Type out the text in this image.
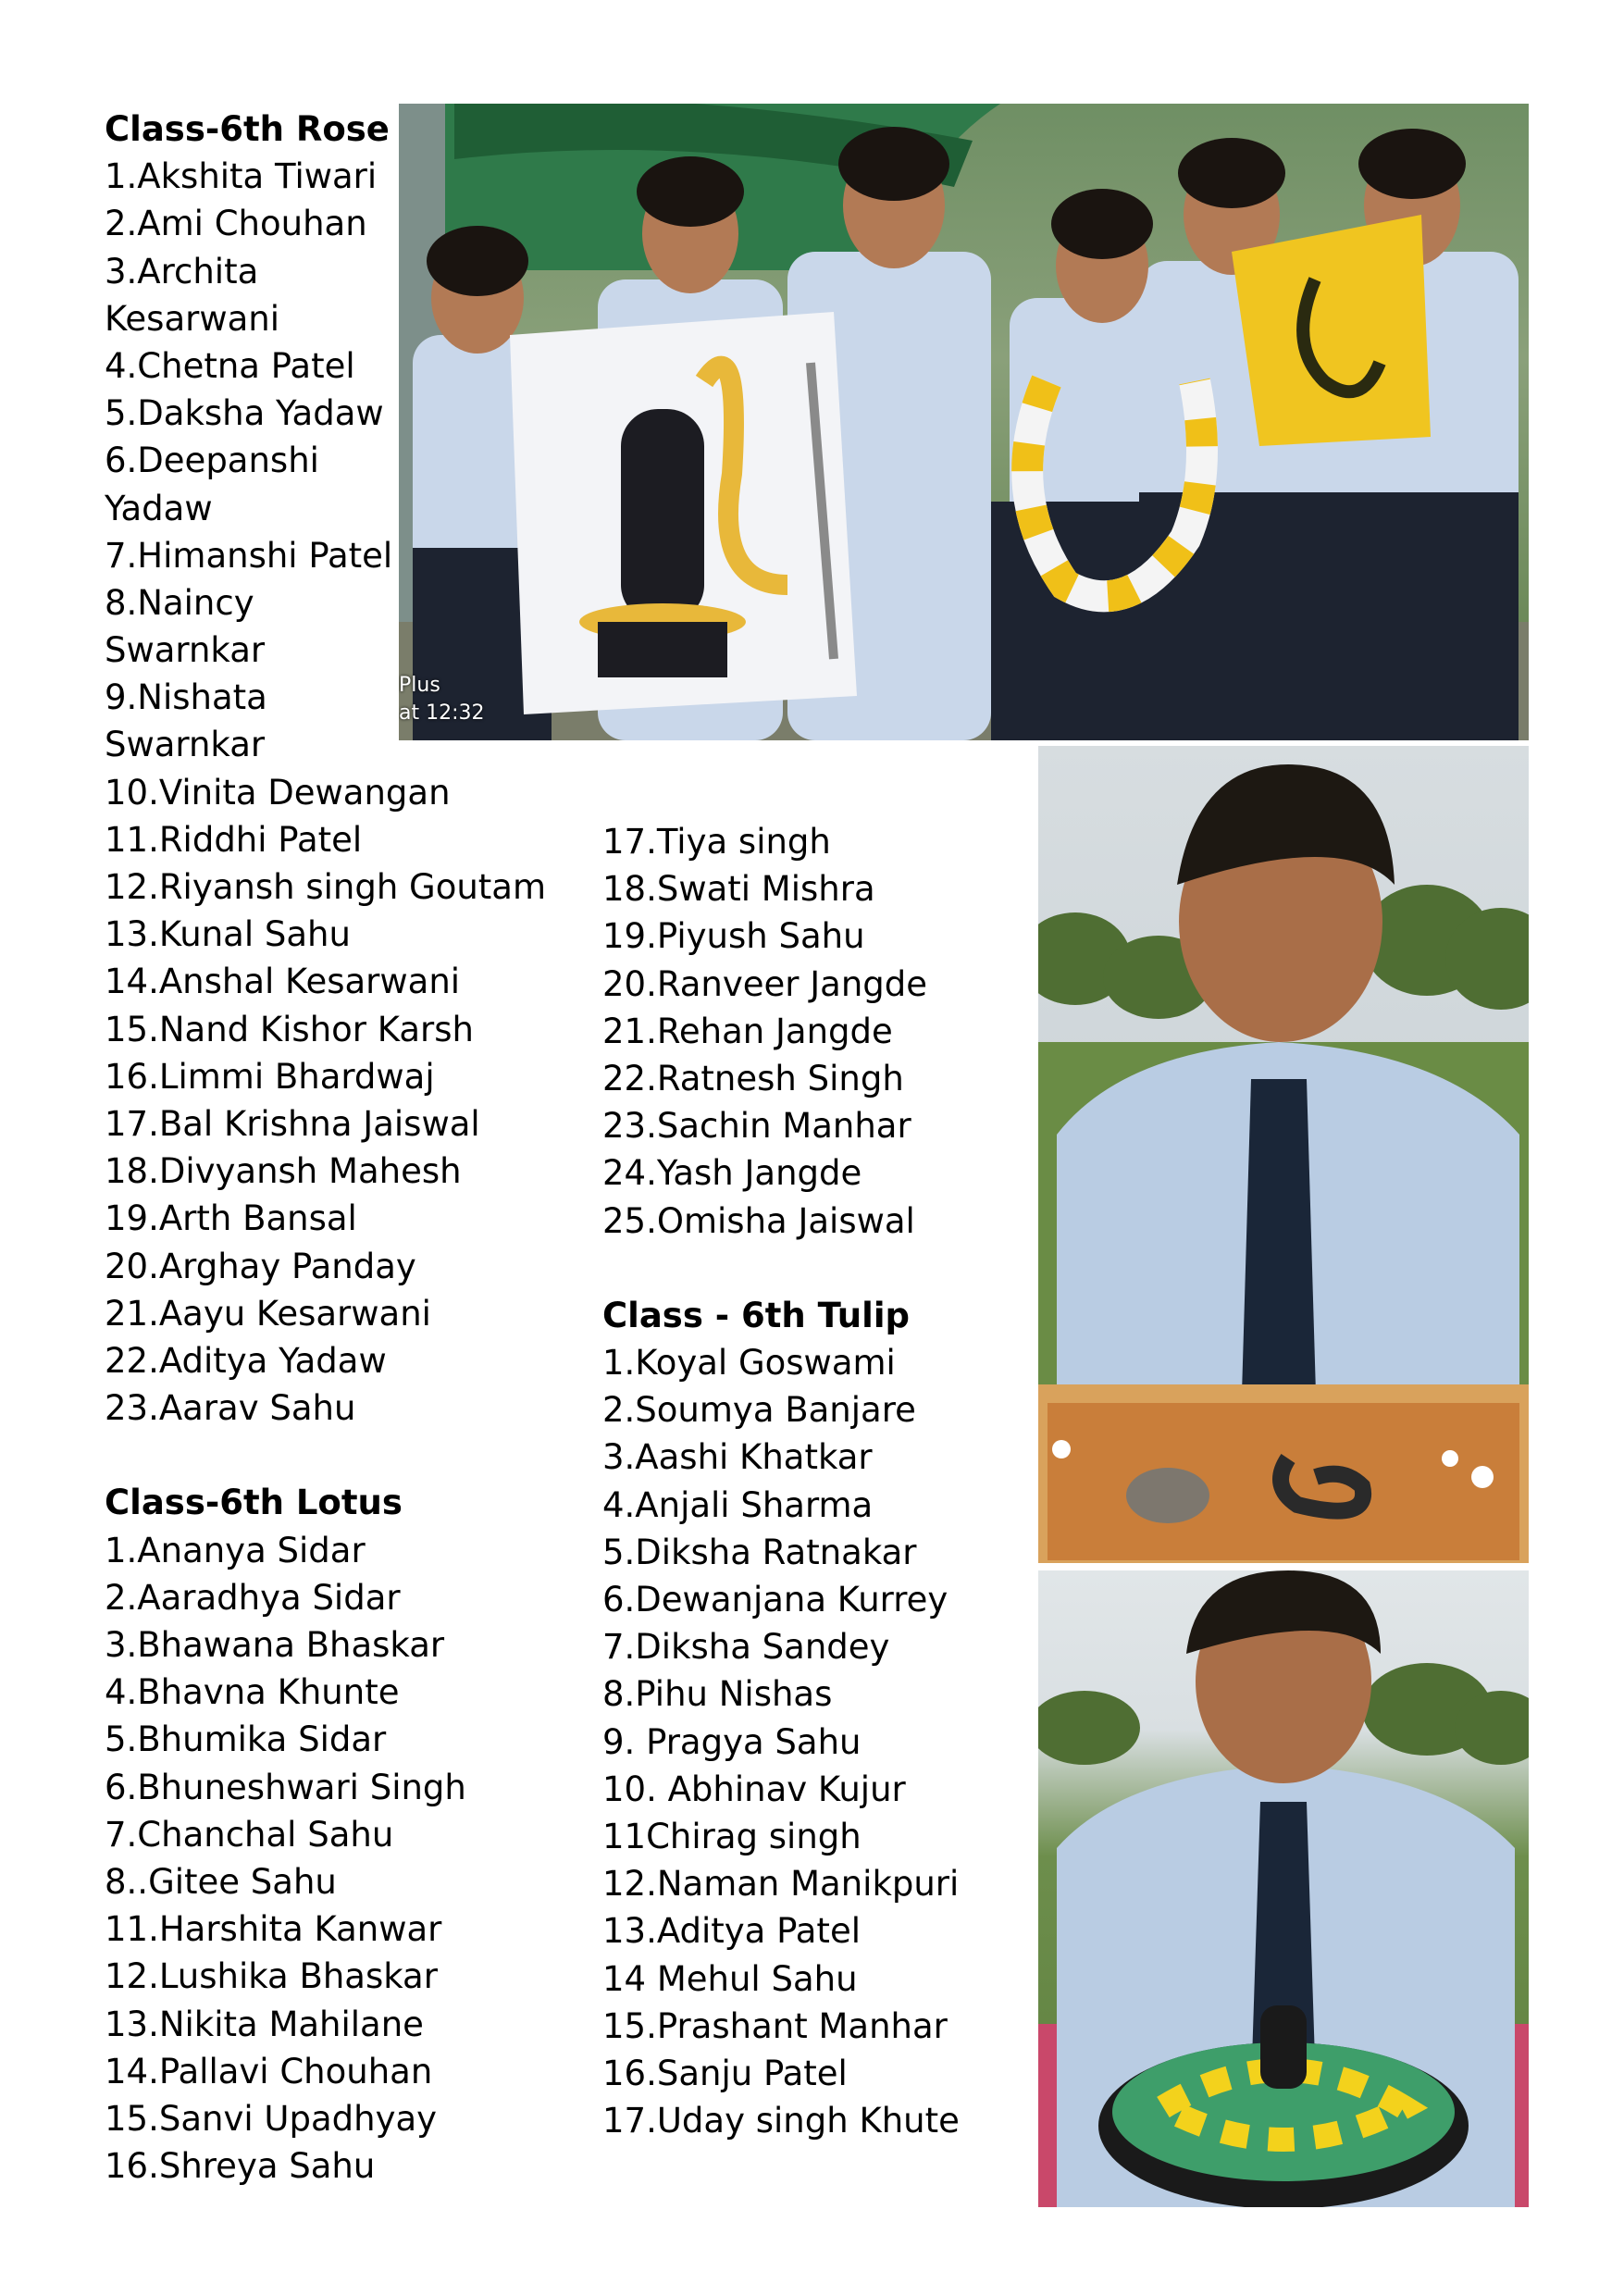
Class-6th Rose
1.Akshita Tiwari
2.Ami Chouhan
3.Archita
Kesarwani
4.Chetna Patel
5.Daksha Yadaw
6.Deepanshi
Yadaw
7.Himanshi Patel
8.Naincy
Swarnkar
9.Nishata
Swarnkar
10.Vinita Dewangan
11.Riddhi Patel
12.Riyansh singh Goutam
13.Kunal Sahu
14.Anshal Kesarwani
15.Nand Kishor Karsh
16.Limmi Bhardwaj
17.Bal Krishna Jaiswal
18.Divyansh Mahesh
19.Arth Bansal
20.Arghay Panday
21.Aayu Kesarwani
22.Aditya Yadaw
23.Aarav Sahu
Class-6th Lotus
1.Ananya Sidar
2.Aaradhya Sidar
3.Bhawana Bhaskar
4.Bhavna Khunte
5.Bhumika Sidar
6.Bhuneshwari Singh
7.Chanchal Sahu
8..Gitee Sahu
11.Harshita Kanwar
12.Lushika Bhaskar
13.Nikita Mahilane
14.Pallavi Chouhan
15.Sanvi Upadhyay
16.Shreya Sahu
17.Tiya singh
18.Swati Mishra
19.Piyush Sahu
20.Ranveer Jangde
21.Rehan Jangde
22.Ratnesh Singh
23.Sachin Manhar
24.Yash Jangde
25.Omisha Jaiswal
Class - 6th Tulip
1.Koyal Goswami
2.Soumya Banjare
3.Aashi Khatkar
4.Anjali Sharma
5.Diksha Ratnakar
6.Dewanjana Kurrey
7.Diksha Sandey
8.Pihu Nishas
9. Pragya Sahu
10. Abhinav Kujur
11Chirag singh
12.Naman Manikpuri
13.Aditya Patel
14 Mehul Sahu
15.Prashant Manhar
16.Sanju Patel
17.Uday singh Khute
Plus
at 12:32
